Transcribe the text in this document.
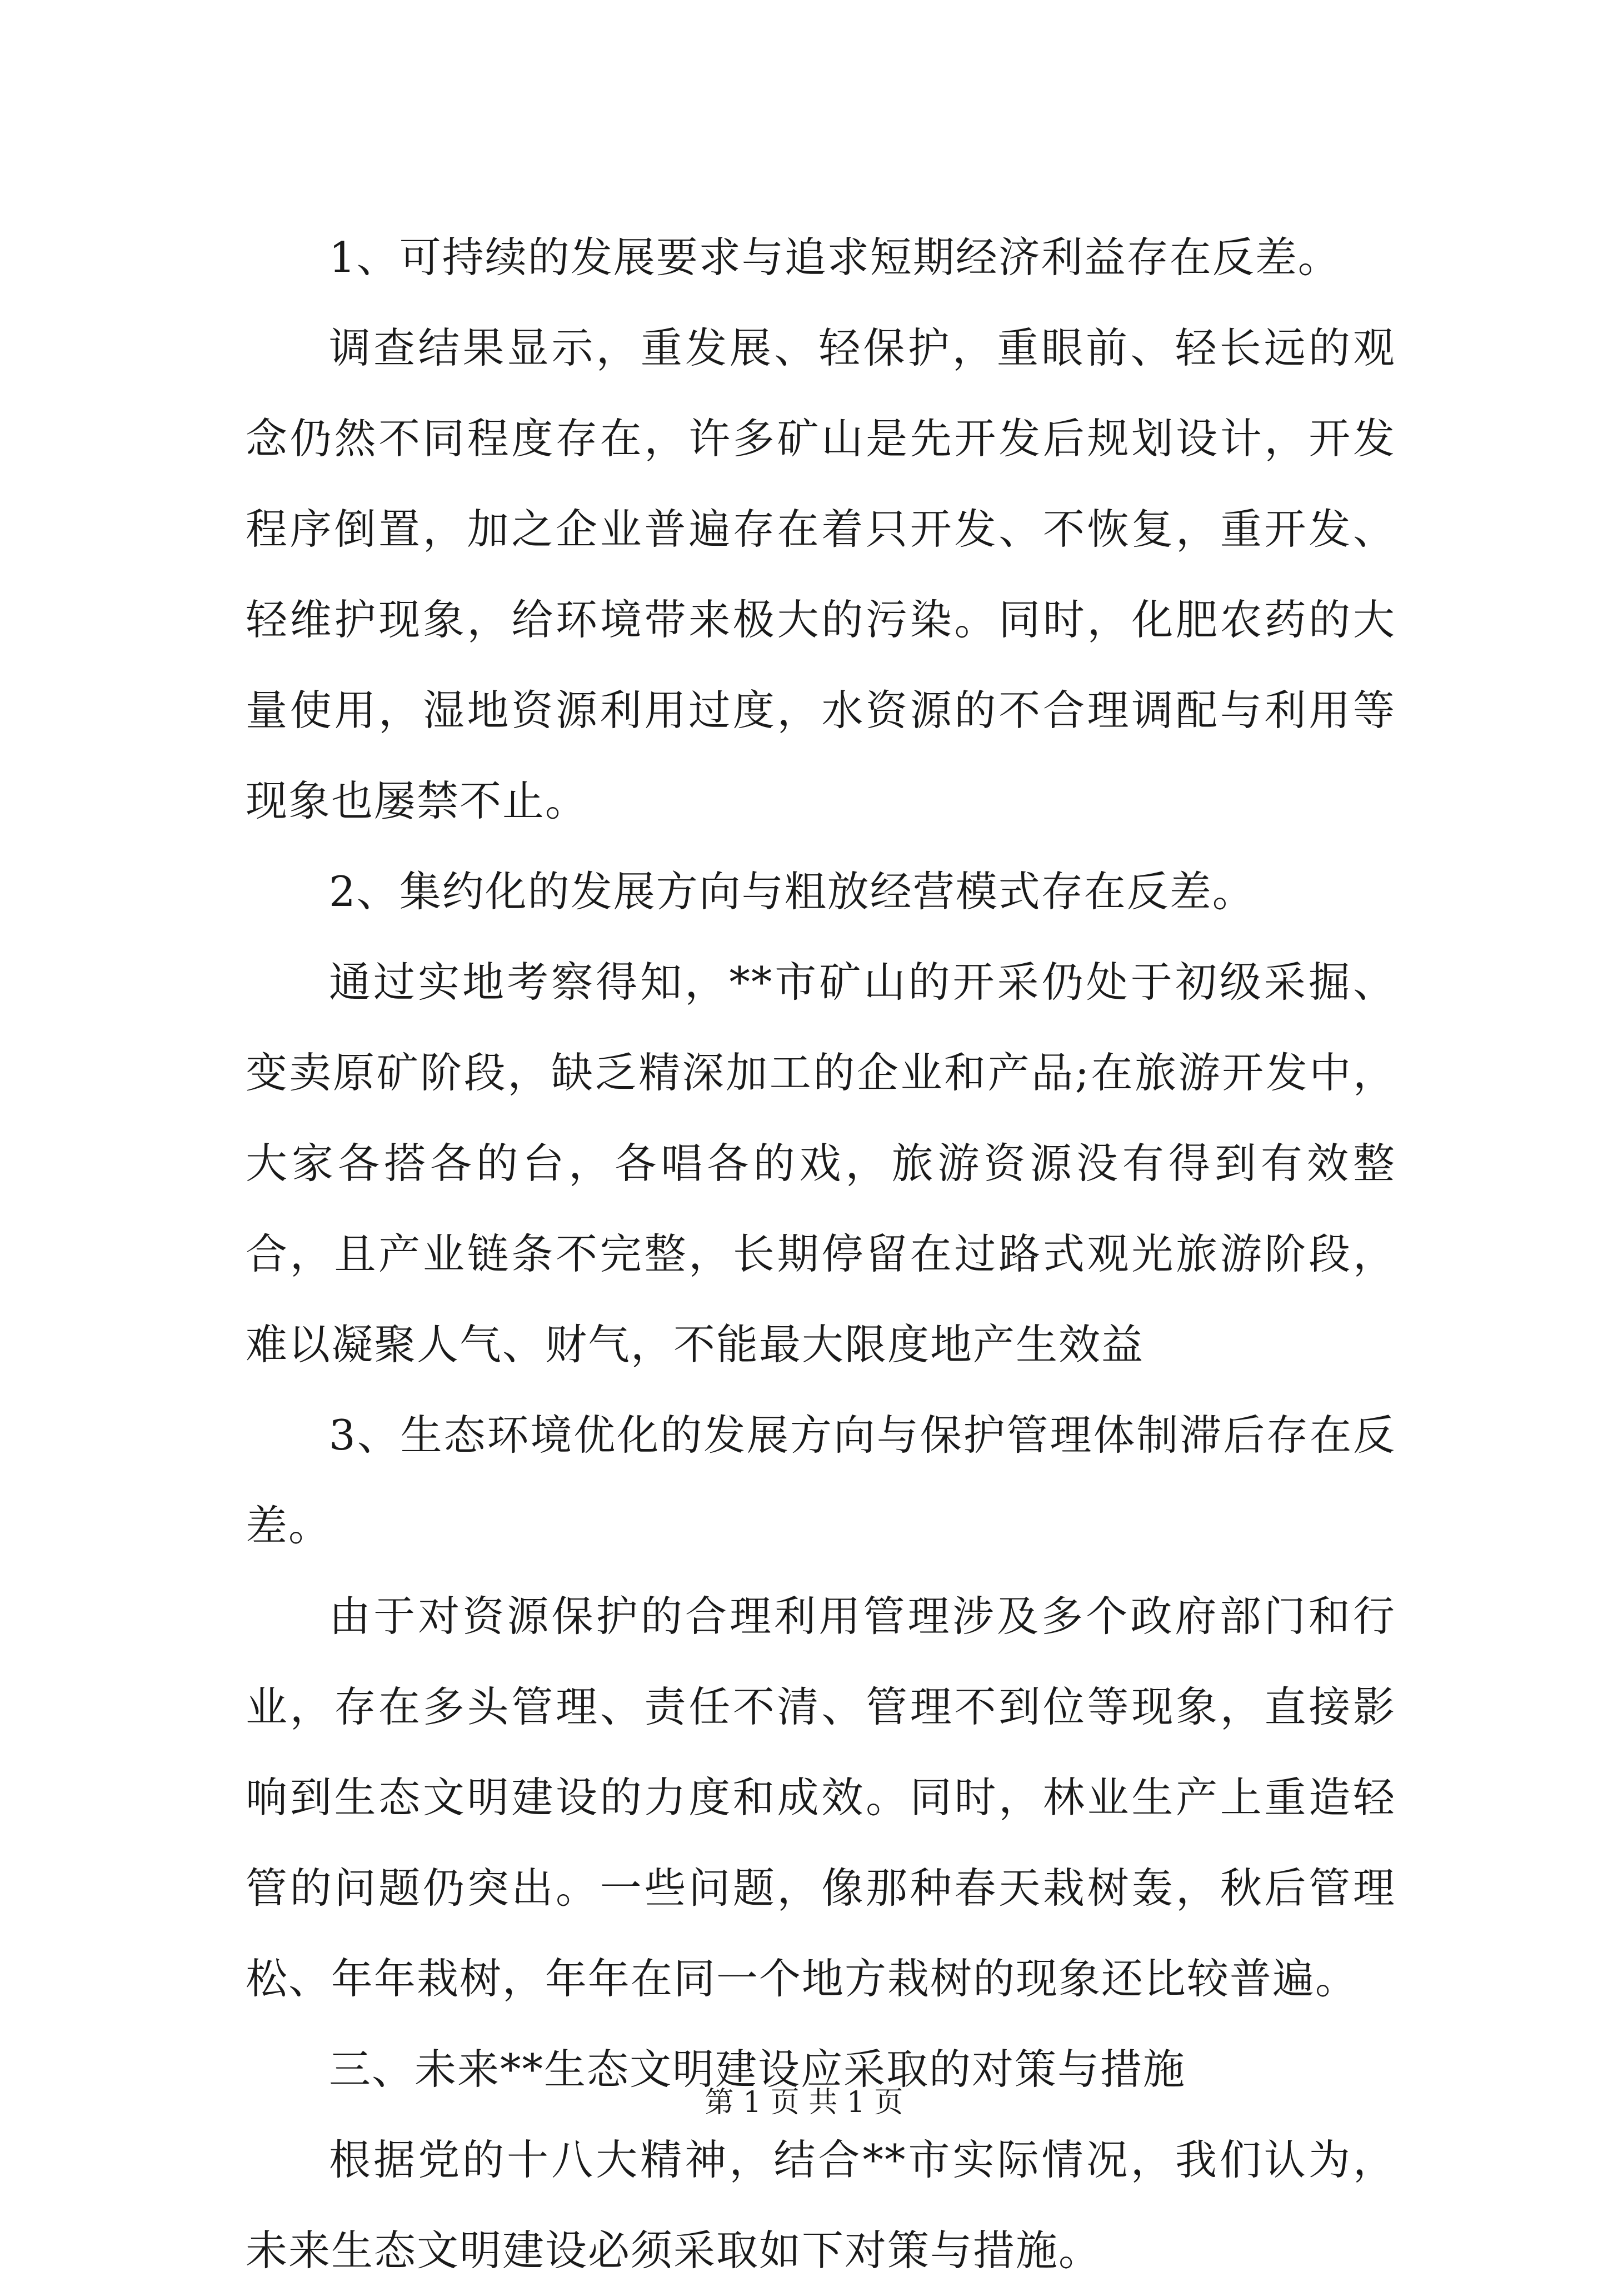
1、可持续的发展要求与追求短期经济利益存在反差。

调查结果显示，重发展、轻保护，重眼前、轻长远的观念仍然不同程度存在，许多矿山是先开发后规划设计，开发程序倒置，加之企业普遍存在着只开发、不恢复，重开发、轻维护现象，给环境带来极大的污染。同时，化肥农药的大量使用，湿地资源利用过度，水资源的不合理调配与利用等现象也屡禁不止。

2、集约化的发展方向与粗放经营模式存在反差。

通过实地考察得知，**市矿山的开采仍处于初级采掘、变卖原矿阶段，缺乏精深加工的企业和产品;在旅游开发中，大家各搭各的台，各唱各的戏，旅游资源没有得到有效整合，且产业链条不完整，长期停留在过路式观光旅游阶段，难以凝聚人气、财气，不能最大限度地产生效益

3、生态环境优化的发展方向与保护管理体制滞后存在反差。

由于对资源保护的合理利用管理涉及多个政府部门和行业，存在多头管理、责任不清、管理不到位等现象，直接影响到生态文明建设的力度和成效。同时，林业生产上重造轻管的问题仍突出。一些问题，像那种春天栽树轰，秋后管理松、年年栽树，年年在同一个地方栽树的现象还比较普遍。

三、未来**生态文明建设应采取的对策与措施

根据党的十八大精神，结合**市实际情况，我们认为，未来生态文明建设必须采取如下对策与措施。

第 1 页 共 1 页
